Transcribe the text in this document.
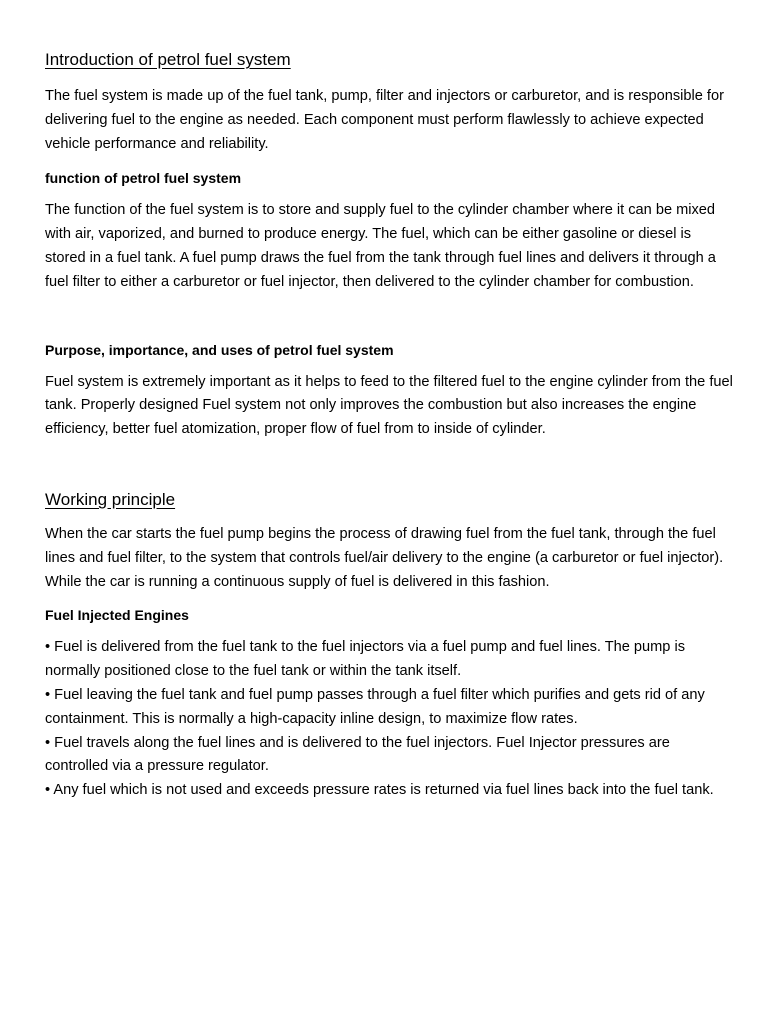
Introduction of petrol fuel system

The fuel system is made up of the fuel tank, pump, filter and injectors or carburetor, and is responsible for delivering fuel to the engine as needed. Each component must perform flawlessly to achieve expected vehicle performance and reliability.

function of petrol fuel system

The function of the fuel system is to store and supply fuel to the cylinder chamber where it can be mixed with air, vaporized, and burned to produce energy. The fuel, which can be either gasoline or diesel is stored in a fuel tank. A fuel pump draws the fuel from the tank through fuel lines and delivers it through a fuel filter to either a carburetor or fuel injector, then delivered to the cylinder chamber for combustion.

Purpose, importance, and uses of petrol fuel system

Fuel system is extremely important as it helps to feed to the filtered fuel to the engine cylinder from the fuel tank. Properly designed Fuel system not only improves the combustion but also increases the engine efficiency, better fuel atomization, proper flow of fuel from to inside of cylinder.

Working principle

When the car starts the fuel pump begins the process of drawing fuel from the fuel tank, through the fuel lines and fuel filter, to the system that controls fuel/air delivery to the engine (a carburetor or fuel injector). While the car is running a continuous supply of fuel is delivered in this fashion.

Fuel Injected Engines

• Fuel is delivered from the fuel tank to the fuel injectors via a fuel pump and fuel lines. The pump is normally positioned close to the fuel tank or within the tank itself.

• Fuel leaving the fuel tank and fuel pump passes through a fuel filter which purifies and gets rid of any containment. This is normally a high-capacity inline design, to maximize flow rates.

• Fuel travels along the fuel lines and is delivered to the fuel injectors. Fuel Injector pressures are controlled via a pressure regulator.

• Any fuel which is not used and exceeds pressure rates is returned via fuel lines back into the fuel tank.
